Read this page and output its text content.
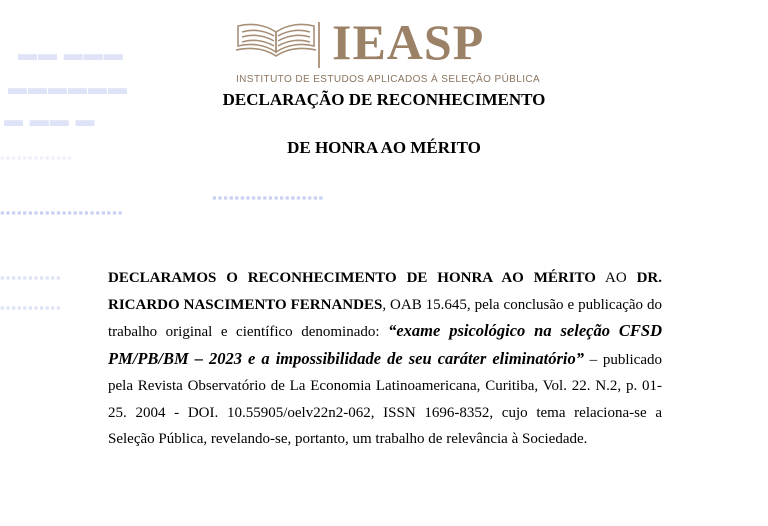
▬▬ ▬▬▬
▬▬▬▬▬▬
▬ ▬▬ ▬
▪▪▪▪▪▪▪▪▪▪▪▪▪
▪▪▪▪▪▪▪▪▪▪▪▪▪▪▪▪▪▪▪▪▪▪
▪▪▪▪▪▪▪▪▪▪▪▪▪▪▪▪▪▪▪▪
▪▪▪▪▪▪▪▪▪▪▪
▪▪▪▪▪▪▪▪▪▪▪
IEASP
INSTITUTO DE ESTUDOS APLICADOS À SELEÇÃO PÚBLICA
DECLARAÇÃO DE RECONHECIMENTO
DE HONRA AO MÉRITO
DECLARAMOS O RECONHECIMENTO DE HONRA AO MÉRITO AO DR. RICARDO NASCIMENTO FERNANDES, OAB 15.645, pela conclusão e publicação do trabalho original e científico denominado: “exame psicológico na seleção CFSD PM/PB/BM – 2023 e a impossibilidade de seu caráter eliminatório” – publicado pela Revista Observatório de La Economia Latinoamericana, Curitiba, Vol. 22. N.2, p. 01-25. 2004 - DOI. 10.55905/oelv22n2-062, ISSN 1696-8352, cujo tema relaciona-se a Seleção Pública, revelando-se, portanto, um trabalho de relevância à Sociedade.
